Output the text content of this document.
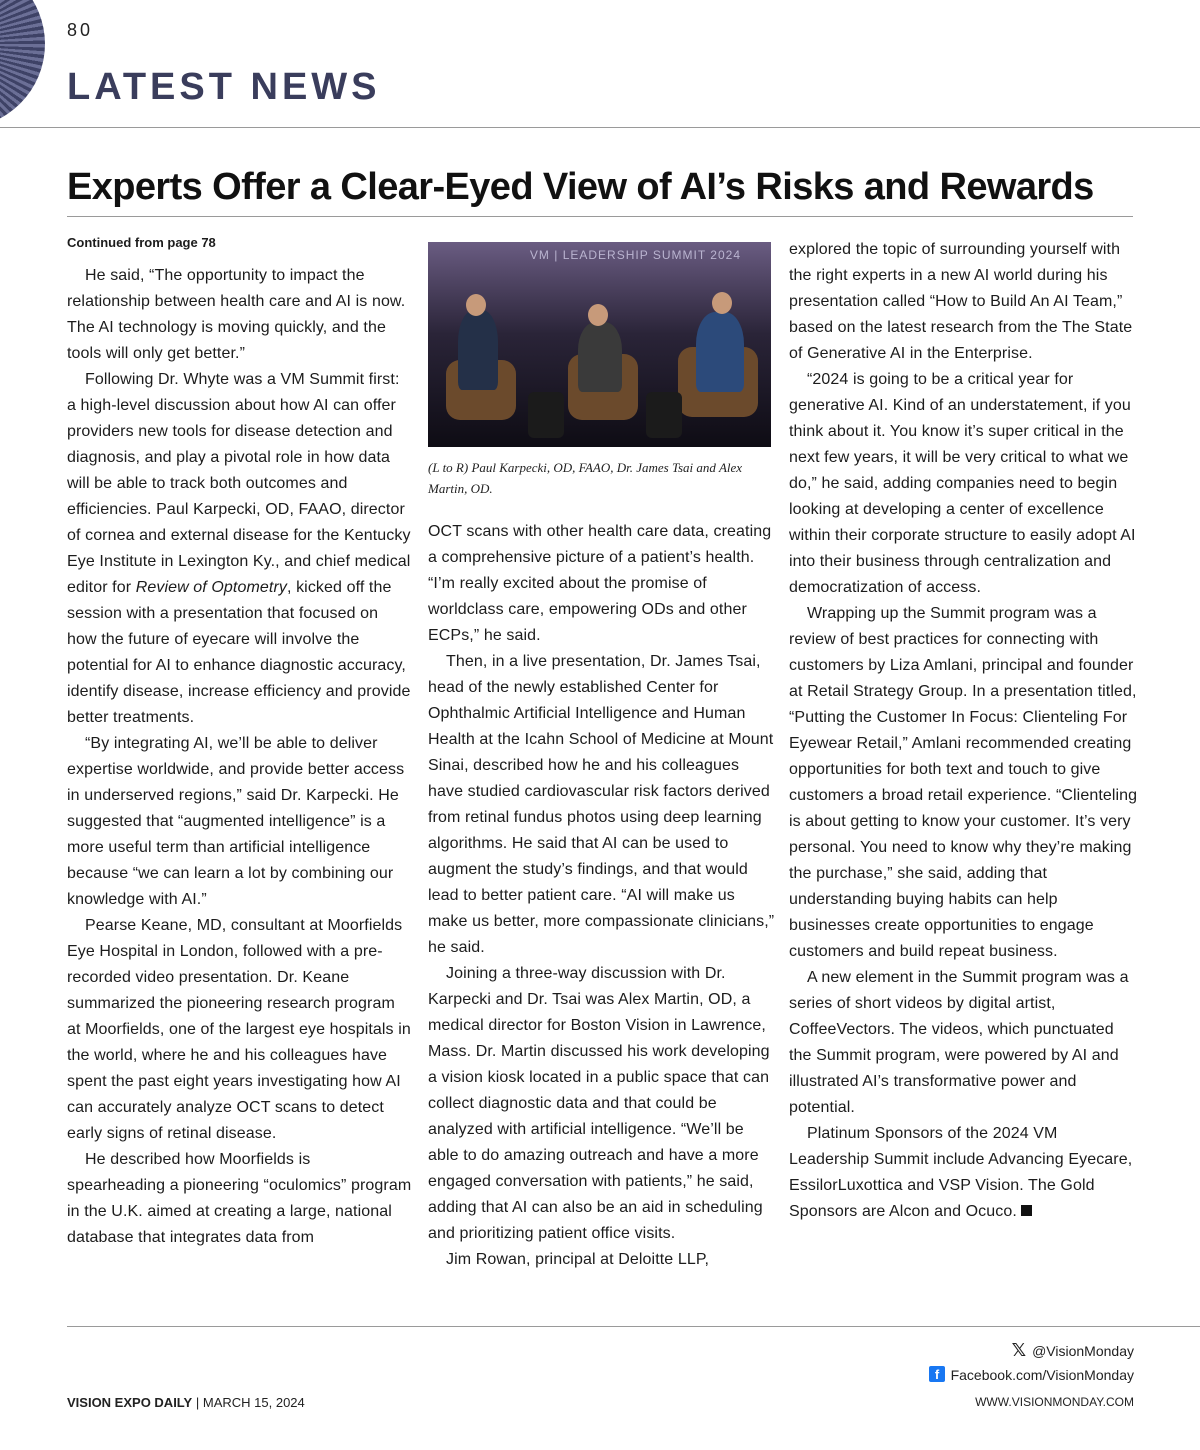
80
LATEST NEWS
Experts Offer a Clear-Eyed View of AI’s Risks and Rewards
Continued from page 78

He said, “The opportunity to impact the relationship between health care and AI is now. The AI technology is moving quickly, and the tools will only get better.”

Following Dr. Whyte was a VM Summit first: a high-level discussion about how AI can offer providers new tools for disease detection and diagnosis, and play a pivotal role in how data will be able to track both outcomes and efficiencies. Paul Karpecki, OD, FAAO, director of cornea and external disease for the Kentucky Eye Institute in Lexington Ky., and chief medical editor for Review of Optometry, kicked off the session with a presentation that focused on how the future of eyecare will involve the potential for AI to enhance diagnostic accuracy, identify disease, increase efficiency and provide better treatments.

“By integrating AI, we’ll be able to deliver expertise worldwide, and provide better access in underserved regions,” said Dr. Karpecki. He suggested that “augmented intelligence” is a more useful term than artificial intelligence because “we can learn a lot by combining our knowledge with AI.”

Pearse Keane, MD, consultant at Moorfields Eye Hospital in London, followed with a pre-recorded video presentation. Dr. Keane summarized the pioneering research program at Moorfields, one of the largest eye hospitals in the world, where he and his colleagues have spent the past eight years investigating how AI can accurately analyze OCT scans to detect early signs of retinal disease.

He described how Moorfields is spearheading a pioneering “oculomics” program in the U.K. aimed at creating a large, national database that integrates data from

VM | LEADERSHIP SUMMIT 2024
(L to R) Paul Karpecki, OD, FAAO, Dr. James Tsai and Alex Martin, OD.

OCT scans with other health care data, creating a comprehensive picture of a patient’s health. “I’m really excited about the promise of worldclass care, empowering ODs and other ECPs,” he said.

Then, in a live presentation, Dr. James Tsai, head of the newly established Center for Ophthalmic Artificial Intelligence and Human Health at the Icahn School of Medicine at Mount Sinai, described how he and his colleagues have studied cardiovascular risk factors derived from retinal fundus photos using deep learning algorithms. He said that AI can be used to augment the study’s findings, and that would lead to better patient care. “AI will make us make us better, more compassionate clinicians,” he said.

Joining a three-way discussion with Dr. Karpecki and Dr. Tsai was Alex Martin, OD, a medical director for Boston Vision in Lawrence, Mass. Dr. Martin discussed his work developing a vision kiosk located in a public space that can collect diagnostic data and that could be analyzed with artificial intelligence. “We’ll be able to do amazing outreach and have a more engaged conversation with patients,” he said, adding that AI can also be an aid in scheduling and prioritizing patient office visits.

Jim Rowan, principal at Deloitte LLP,

explored the topic of surrounding yourself with the right experts in a new AI world during his presentation called “How to Build An AI Team,” based on the latest research from the The State of Generative AI in the Enterprise.

“2024 is going to be a critical year for generative AI. Kind of an understatement, if you think about it. You know it’s super critical in the next few years, it will be very critical to what we do,” he said, adding companies need to begin looking at developing a center of excellence within their corporate structure to easily adopt AI into their business through centralization and democratization of access.

Wrapping up the Summit program was a review of best practices for connecting with customers by Liza Amlani, principal and founder at Retail Strategy Group. In a presentation titled, “Putting the Customer In Focus: Clienteling For Eyewear Retail,” Amlani recommended creating opportunities for both text and touch to give customers a broad retail experience. “Clienteling is about getting to know your customer. It’s very personal. You need to know why they’re making the purchase,” she said, adding that understanding buying habits can help businesses create opportunities to engage customers and build repeat business.

A new element in the Summit program was a series of short videos by digital artist, CoffeeVectors. The videos, which punctuated the Summit program, were powered by AI and illustrated AI’s transformative power and potential.

Platinum Sponsors of the 2024 VM Leadership Summit include Advancing Eyecare, EssilorLuxottica and VSP Vision. The Gold Sponsors are Alcon and Ocuco.

𝕏 @VisionMonday
f
VISION EXPO DAILY | MARCH 15, 2024
Facebook.com/VisionMonday
WWW.VISIONMONDAY.COM
